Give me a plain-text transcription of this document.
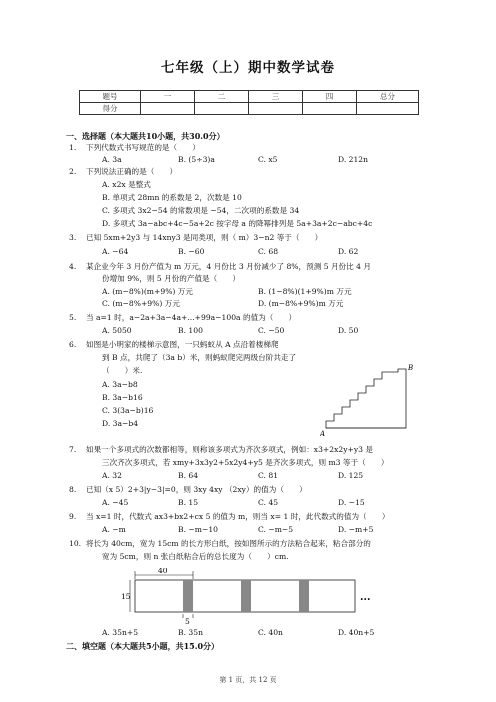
七年级（上）期中数学试卷
题号	一	二	三	四	总分
得分					
一、选择题（本大题共10小题，共30.0分）
1. 下列代数式书写规范的是（　　）
A. 3a	B. (5÷3)a	C. x5	D. 212n
2. 下列说法正确的是（　　）
A. x2x 是整式
B. 单项式 28mn 的系数是 2，次数是 10
C. 多项式 3x2−54 的常数项是 −54，二次项的系数是 34
D. 多项式 3a−abc+4c−5a+2c 按字母 a 的降幂排列是 5a+3a+2c−abc+4c
3. 已知 5xm+2y3 与 14xny3 是同类项，则（ m）3−n2 等于（　　）
A. −64	B. −60	C. 68	D. 62
4. 某企业今年 3 月份产值为 m 万元，4 月份比 3 月份减少了 8%，预测 5 月份比 4 月
份增加 9%，则 5 月份的产值是（　　）
A. (m−8%)(m+9%) 万元	B. (1−8%)(1+9%)m 万元
C. (m−8%+9%) 万元	D. (m−8%+9%)m 万元
5. 当 a=1 时，a−2a+3a−4a+...+99a−100a 的值为（　　）
A. 5050	B. 100	C. −50	D. 50
6. 如图是小明家的楼梯示意图，一只蚂蚁从 A 点沿着楼梯爬
到 B 点，共爬了（3a b）米，则蚂蚁爬完两级台阶共走了
（　　）米.
A. 3a−b8
B. 3a−b16
C. 3(3a−b)16
D. 3a−b4
A
B
7. 如果一个多项式的次数都相等，则称该多项式为齐次多项式，例如：x3+2x2y+y3 是
三次齐次多项式，若 xmy+3x3y2+5x2y4+y5 是齐次多项式，则 m3 等于（　　）
A. 32	B. 64	C. 81	D. 125
8. 已知（x 5）2+3|y−3|=0，则 3xy 4xy （2xy）的值为（　　）
A. −45	B. 15	C. 45	D. −15
9. 当 x=1 时，代数式 ax3+bx2+cx 5 的值为 m，则当 x= 1 时，此代数式的值为（　　）
A. −m	B. −m−10	C. −m−5	D. −m+5
10. 将长为 40cm，宽为 15cm 的长方形白纸，按如图所示的方法粘合起来，粘合部分的
宽为 5cm，则 n 张白纸粘合后的总长度为（　　）cm.
40
15
5
...
A. 35n+5	B. 35n	C. 40n	D. 40n+5
二、填空题（本大题共5小题，共15.0分）
第 1 页，共 12 页
